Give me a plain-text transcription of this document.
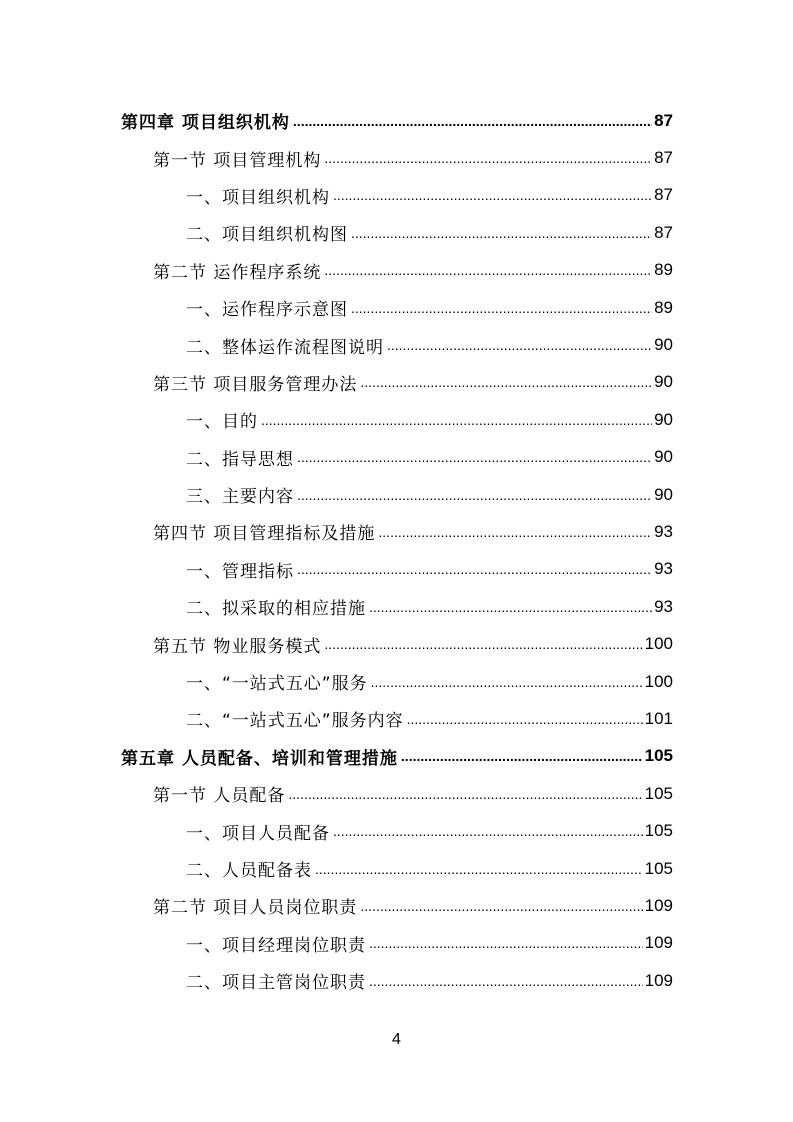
第四章 项目组织机构 .....	87
第一节 项目管理机构 .....	87
一、项目组织机构 .....	87
二、项目组织机构图 .....	87
第二节 运作程序系统 .....	89
一、运作程序示意图 .....	89
二、整体运作流程图说明 .....	90
第三节 项目服务管理办法 .....	90
一、目的 .....	90
二、指导思想 .....	90
三、主要内容 .....	90
第四节 项目管理指标及措施 .....	93
一、管理指标 .....	93
二、拟采取的相应措施 .....	93
第五节 物业服务模式 .....	100
一、“一站式五心”服务 .....	100
二、“一站式五心”服务内容 .....	101
第五章 人员配备、培训和管理措施 .....	105
第一节 人员配备 .....	105
一、项目人员配备 .....	105
二、人员配备表 .....	105
第二节 项目人员岗位职责 .....	109
一、项目经理岗位职责 .....	109
二、项目主管岗位职责 .....	109
4
